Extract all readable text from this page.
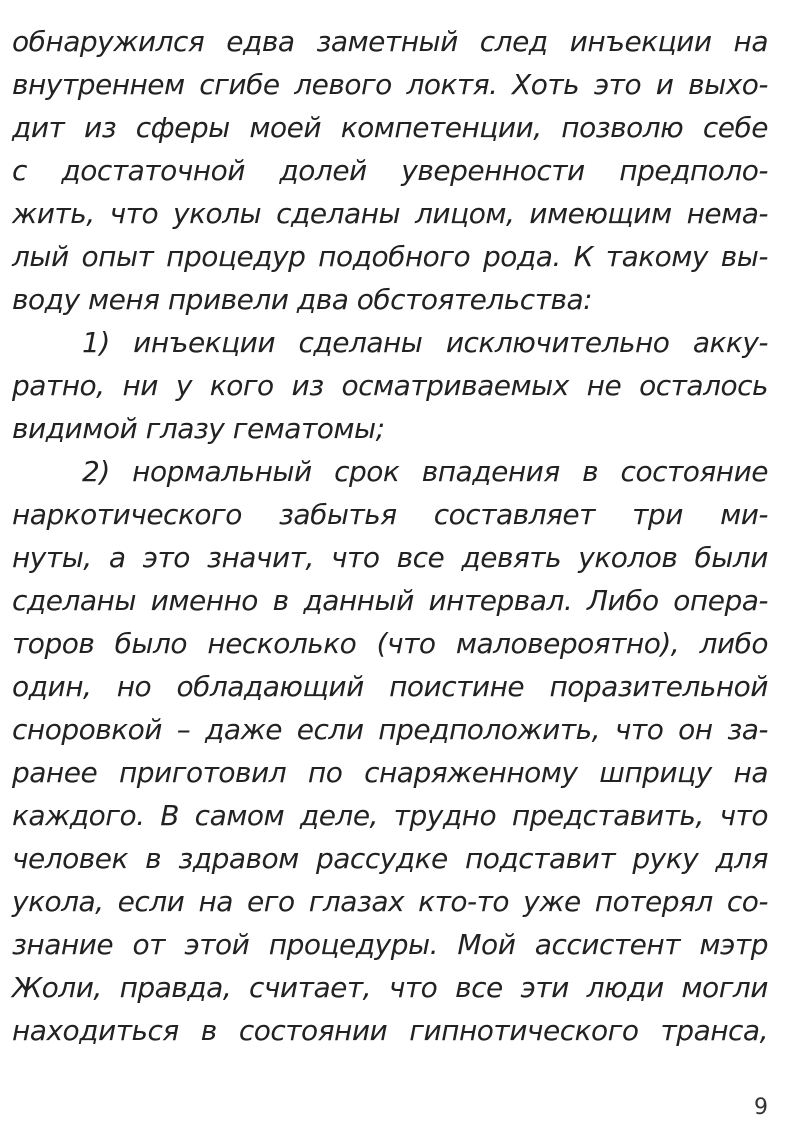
обнаружился едва заметный след инъекции на
внутреннем сгибе левого локтя. Хоть это и выхо-
дит из сферы моей компетенции, позволю себе
с достаточной долей уверенности предполо-
жить, что уколы сделаны лицом, имеющим нема-
лый опыт процедур подобного рода. К такому вы-
воду меня привели два обстоятельства:
1) инъекции сделаны исключительно акку-
ратно, ни у кого из осматриваемых не осталось
видимой глазу гематомы;
2) нормальный срок впадения в состояние
наркотического забытья составляет три ми-
нуты, а это значит, что все девять уколов были
сделаны именно в данный интервал. Либо опера-
торов было несколько (что маловероятно), либо
один, но обладающий поистине поразительной
сноровкой – даже если предположить, что он за-
ранее приготовил по снаряженному шприцу на
каждого. В самом деле, трудно представить, что
человек в здравом рассудке подставит руку для
укола, если на его глазах кто-то уже потерял со-
знание от этой процедуры. Мой ассистент мэтр
Жоли, правда, считает, что все эти люди могли
находиться в состоянии гипнотического транса,
9
